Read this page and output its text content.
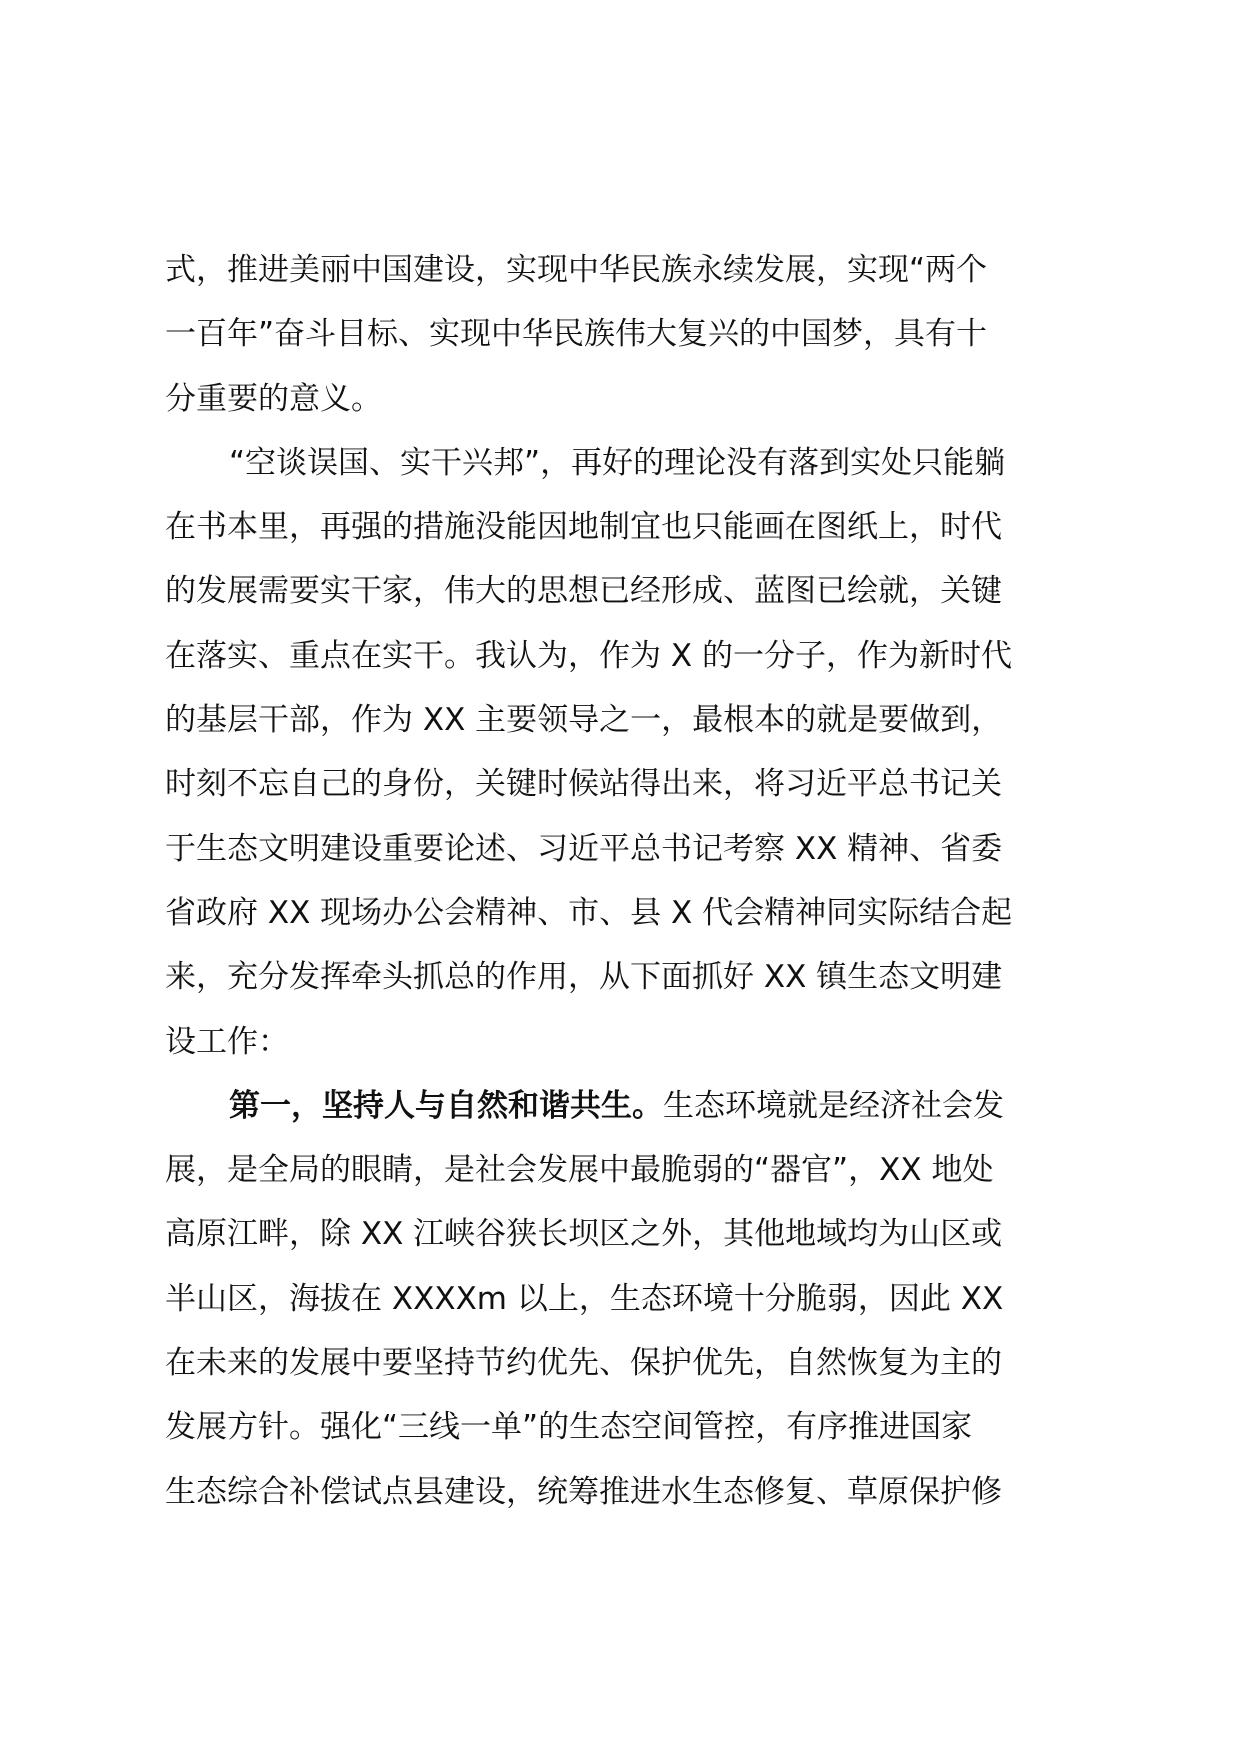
式，推进美丽中国建设，实现中华民族永续发展，实现“两个
一百年”奋斗目标、实现中华民族伟大复兴的中国梦，具有十
分重要的意义。
“空谈误国、实干兴邦”，再好的理论没有落到实处只能躺
在书本里，再强的措施没能因地制宜也只能画在图纸上，时代
的发展需要实干家，伟大的思想已经形成、蓝图已绘就，关键
在落实、重点在实干。我认为，作为 X 的一分子，作为新时代
的基层干部，作为 XX 主要领导之一，最根本的就是要做到，
时刻不忘自己的身份，关键时候站得出来，将习近平总书记关
于生态文明建设重要论述、习近平总书记考察 XX 精神、省委
省政府 XX 现场办公会精神、市、县 X 代会精神同实际结合起
来，充分发挥牵头抓总的作用，从下面抓好 XX 镇生态文明建
设工作：
第一，坚持人与自然和谐共生。生态环境就是经济社会发
展，是全局的眼睛，是社会发展中最脆弱的“器官”，XX 地处
高原江畔，除 XX 江峡谷狭长坝区之外，其他地域均为山区或
半山区，海拔在 XXXXm 以上，生态环境十分脆弱，因此 XX
在未来的发展中要坚持节约优先、保护优先，自然恢复为主的
发展方针。强化“三线一单”的生态空间管控，有序推进国家
生态综合补偿试点县建设，统筹推进水生态修复、草原保护修
